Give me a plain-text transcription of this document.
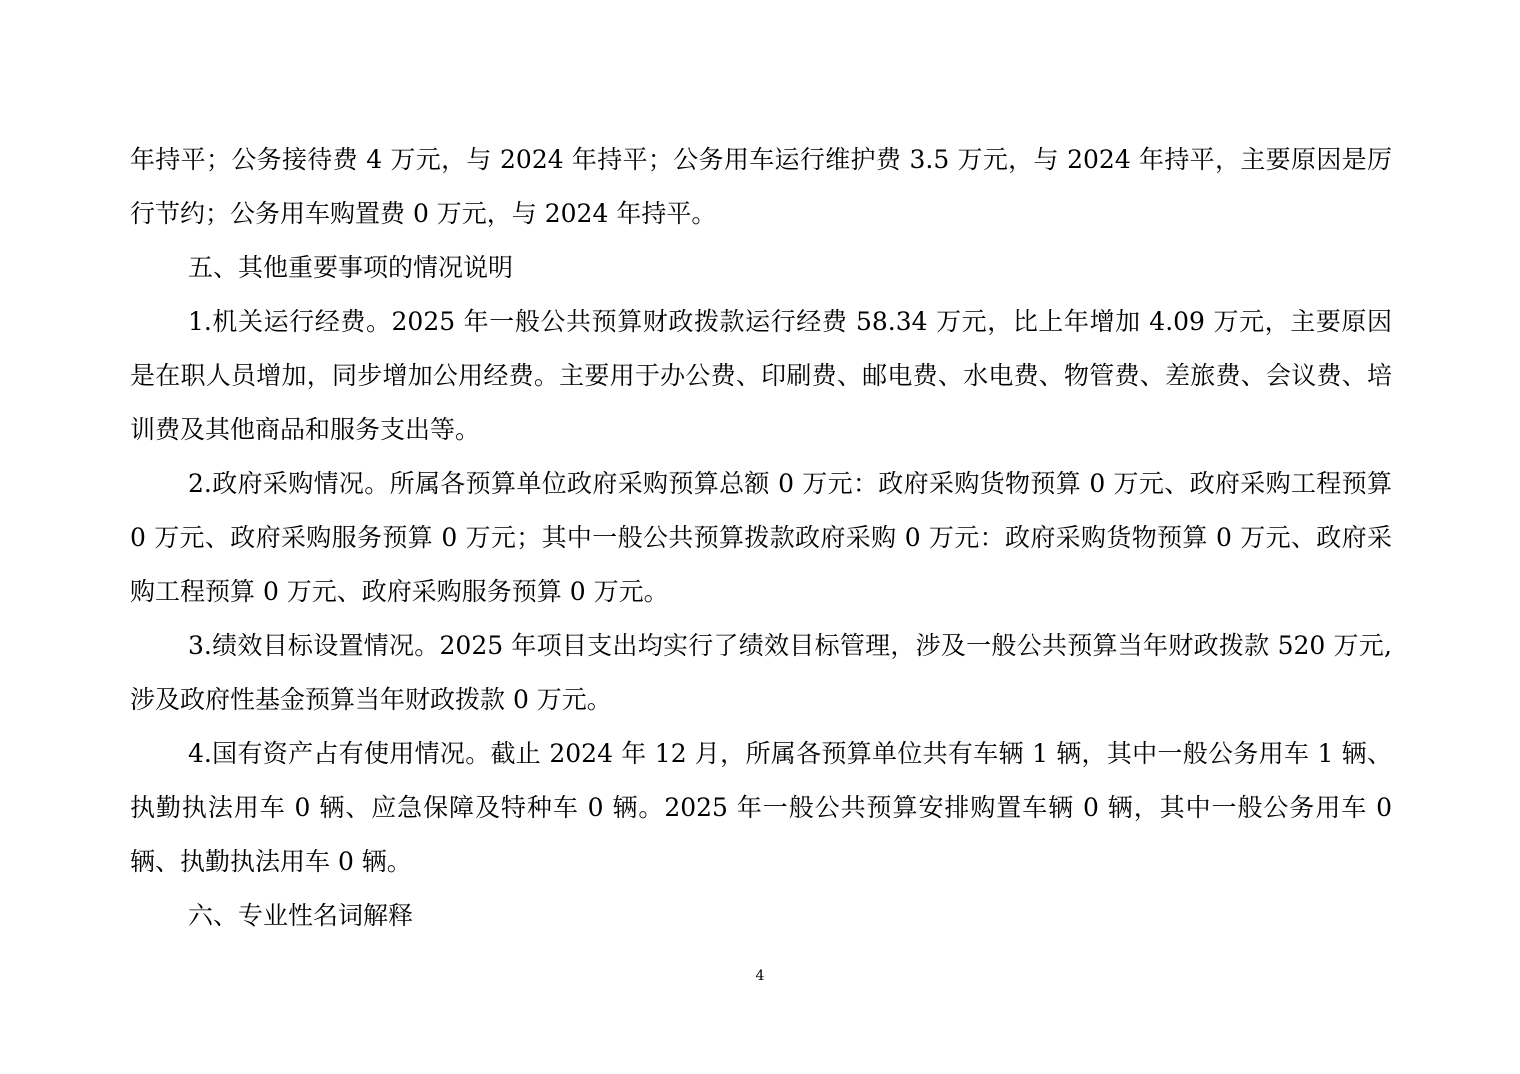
年持平；公务接待费 4 万元，与 2024 年持平；公务用车运行维护费 3.5 万元，与 2024 年持平，主要原因是厉行节约；公务用车购置费 0 万元，与 2024 年持平。

五、其他重要事项的情况说明

1.机关运行经费。2025 年一般公共预算财政拨款运行经费 58.34 万元，比上年增加 4.09 万元，主要原因是在职人员增加，同步增加公用经费。主要用于办公费、印刷费、邮电费、水电费、物管费、差旅费、会议费、培训费及其他商品和服务支出等。

2.政府采购情况。所属各预算单位政府采购预算总额 0 万元：政府采购货物预算 0 万元、政府采购工程预算 0 万元、政府采购服务预算 0 万元；其中一般公共预算拨款政府采购 0 万元：政府采购货物预算 0 万元、政府采购工程预算 0 万元、政府采购服务预算 0 万元。

3.绩效目标设置情况。2025 年项目支出均实行了绩效目标管理，涉及一般公共预算当年财政拨款 520 万元,涉及政府性基金预算当年财政拨款 0 万元。

4.国有资产占有使用情况。截止 2024 年 12 月，所属各预算单位共有车辆 1 辆，其中一般公务用车 1 辆、执勤执法用车 0 辆、应急保障及特种车 0 辆。2025 年一般公共预算安排购置车辆 0 辆，其中一般公务用车 0 辆、执勤执法用车 0 辆。

六、专业性名词解释

4
